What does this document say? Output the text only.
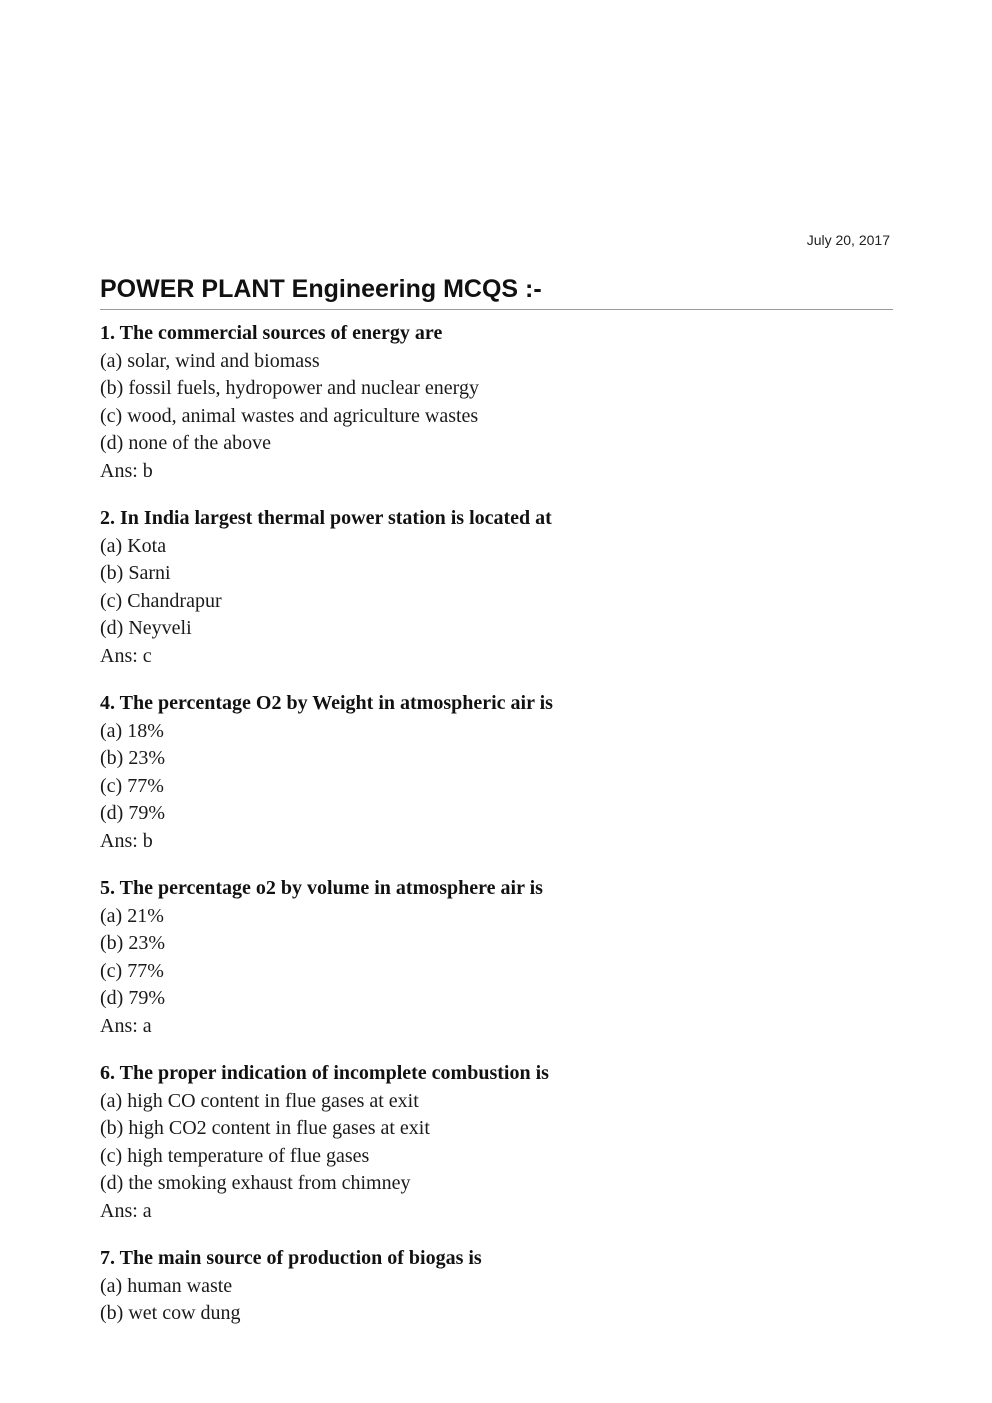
July 20, 2017
POWER PLANT Engineering MCQS :-
1. The commercial sources of energy are
(a) solar, wind and biomass
(b) fossil fuels, hydropower and nuclear energy
(c) wood, animal wastes and agriculture wastes
(d) none of the above
Ans: b
2. In India largest thermal power station is located at
(a) Kota
(b) Sarni
(c) Chandrapur
(d) Neyveli
Ans: c
4. The percentage O2 by Weight in atmospheric air is
(a) 18%
(b) 23%
(c) 77%
(d) 79%
Ans: b
5. The percentage o2 by volume in atmosphere air is
(a) 21%
(b) 23%
(c) 77%
(d) 79%
Ans: a
6. The proper indication of incomplete combustion is
(a) high CO content in flue gases at exit
(b) high CO2 content in flue gases at exit
(c) high temperature of flue gases
(d) the smoking exhaust from chimney
Ans: a
7. The main source of production of biogas is
(a) human waste
(b) wet cow dung
